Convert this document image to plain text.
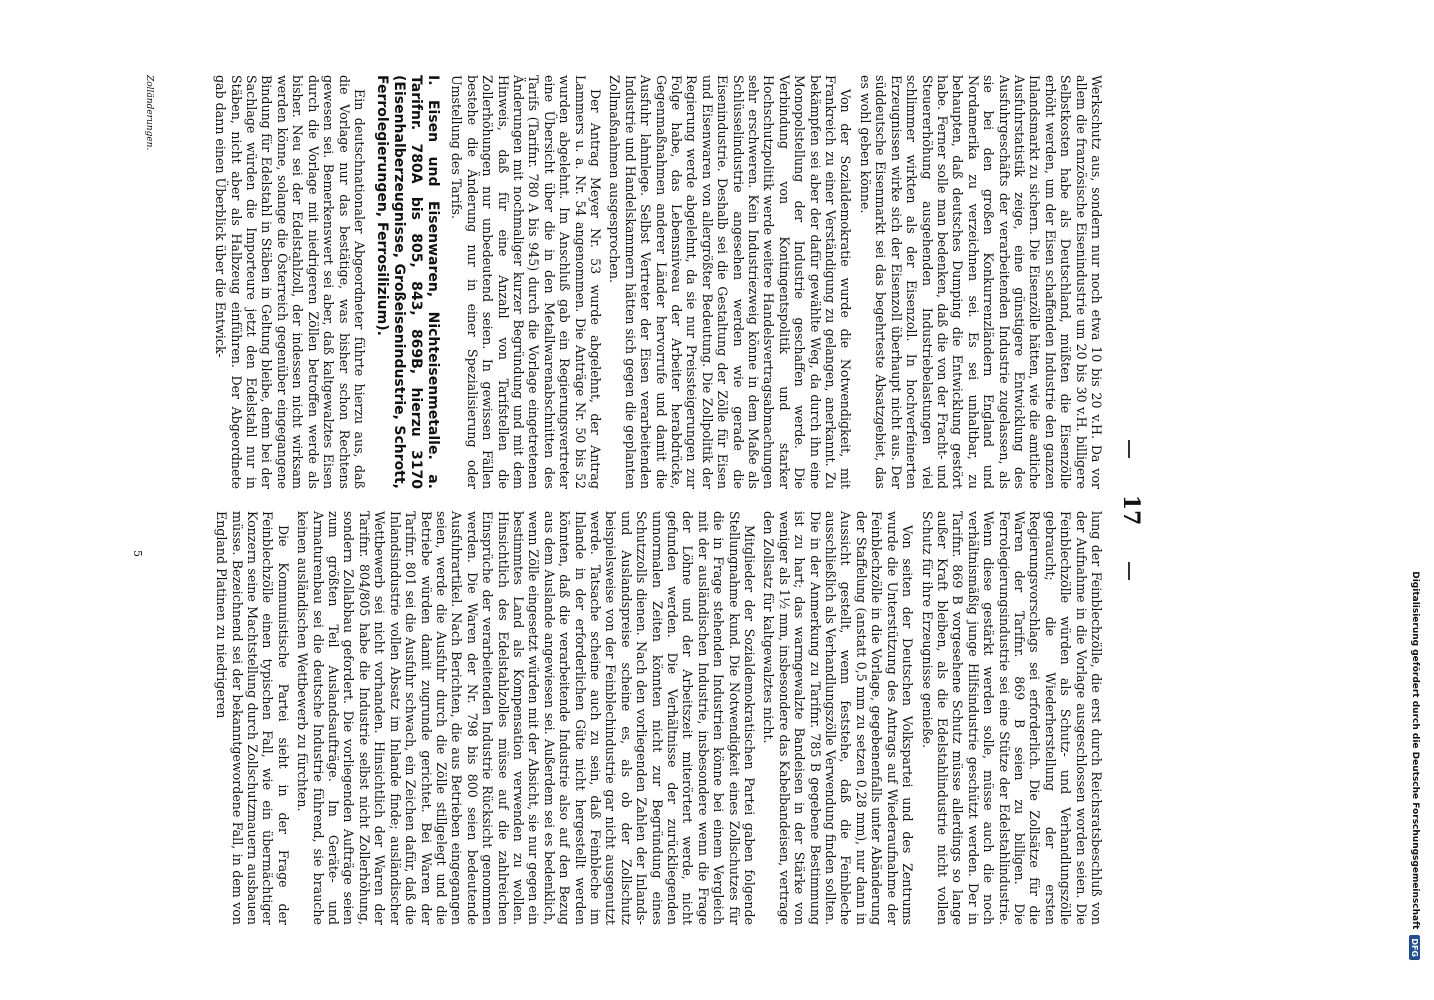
Digitalisierung gefördert durch die Deutsche Forschungsgemeinschaft
DFG
17

Werkschutz aus, sondern nur noch etwa 10 bis 20 v.H. Da vor allem die französische Eisenindustrie um 20 bis 30 v.H. billigere Selbstkosten habe als Deutschland, müßten die Eisenzölle erhöht werden, um der Eisen schaffenden Industrie den ganzen Inlandsmarkt zu sichern. Die Eisenzölle hätten, wie die amtliche Ausfuhrstatistik zeige, eine günstigere Entwicklung des Ausfuhrgeschäfts der verarbeitenden Industrie zugelassen, als sie bei den großen Konkurrenzländern England und Nordamerika zu verzeichnen sei. Es sei unhaltbar, zu behaupten, daß deutsches Dumping die Entwicklung gestört habe. Ferner solle man bedenken, daß die von der Fracht- und Steuererhöhung ausgehenden Industriebelastungen viel schlimmer wirkten als der Eisenzoll. In hochverfeinerten Erzeugnissen wirke sich der Eisenzoll überhaupt nicht aus. Der süddeutsche Eisenmarkt sei das begehrteste Absatzgebiet, das es wohl geben könne.

Von der Sozialdemokratie wurde die Notwendigkeit, mit Frankreich zu einer Verständigung zu gelangen, anerkannt. Zu bekämpfen sei aber der dafür gewählte Weg, da durch ihn eine Monopolstellung der Industrie geschaffen werde. Die Verbindung von Kontingentspolitik und starker Hochschutzpolitik werde weitere Handelsvertragsabmachungen sehr erschweren. Kein Industriezweig könne in dem Maße als Schlüsselindustrie angesehen werden wie gerade die Eisenindustrie. Deshalb sei die Gestaltung der Zölle für Eisen und Eisenwaren von allergrößter Bedeutung. Die Zollpolitik der Regierung werde abgelehnt, da sie nur Preissteigerungen zur Folge habe, das Lebensniveau der Arbeiter herabdrücke, Gegenmaßnahmen anderer Länder hervorrufe und damit die Ausfuhr lahmlege. Selbst Vertreter der Eisen verarbeitenden Industrie und Handelskammern hätten sich gegen die geplanten Zollmaßnahmen ausgesprochen.

Der Antrag Meyer Nr. 53 wurde abgelehnt, der Antrag Lammers u. a. Nr. 54 angenommen. Die Anträge Nr. 50 bis 52 wurden abgelehnt. Im Anschluß gab ein Regierungsvertreter eine Übersicht über die in den Metallwarenabschnitten des Tarifs (Tarifnr. 780 A bis 945) durch die Vorlage eingetretenen Änderungen mit nochmaliger kurzer Begründung und mit dem Hinweis, daß für eine Anzahl von Tarifstellen die Zollerhöhungen nur unbedeutend seien. In gewissen Fällen bestehe die Änderung nur in einer Spezialisierung oder Umstellung des Tarifs.

I. Eisen und Eisenwaren, Nichteisenmetalle. a. Tarifnr. 780A bis 805, 843, 869B, hierzu 3170 (Eisenhalberzeugnisse, Großeisenindustrie, Schrott, Ferrolegierungen, Ferrosilizium).

Ein deutschnationaler Abgeordneter führte hierzu aus, daß die Vorlage nur das bestätige, was bisher schon Rechtens gewesen sei. Bemerkenswert sei aber, daß kaltgewalztes Eisen durch die Vorlage mit niedrigeren Zöllen betroffen werde als bisher. Neu sei der Edelstahlzoll, der indessen nicht wirksam werden könne, solange die Österreich gegenüber eingegangene Bindung für Edelstahl in Stäben in Geltung bleibe, denn bei der Sachlage würden die Importeure jetzt den Edelstahl nur in Stäben, nicht aber als Halbzeug einführen. Der Abgeordnete gab dann einen Überblick über die Entwick-

lung der Feinblechzölle, die erst durch Reichsratsbeschluß von der Aufnahme in die Vorlage ausgeschlossen worden seien. Die Feinblechzölle würden als Schutz- und Verhandlungszölle gebraucht; die Wiederherstellung der ersten Regierungsvorschlags sei erforderlich. Die Zollsätze für die Waren der Tarifnr. 869 B seien zu billigen. Die Ferrolegierungsindustrie sei eine Stütze der Edelstahlindustrie. Wenn diese gestärkt werden solle, müsse auch die noch verhältnismäßig junge Hilfsindustrie geschützt werden. Der in Tarifnr. 869 B vorgesehene Schutz müsse allerdings so lange außer Kraft bleiben, als die Edelstahlindustrie nicht vollen Schutz für ihre Erzeugnisse genieße.

Von seiten der Deutschen Volkspartei und des Zentrums wurde die Unterstützung des Antrags auf Wiederaufnahme der Feinblechzölle in die Vorlage, gegebenenfalls unter Abänderung der Staffelung (anstatt 0,5 mm zu setzen 0,28 mm), nur dann in Aussicht gestellt, wenn feststehe, daß die Feinbleche ausschließlich als Verhandlungszölle Verwendung finden sollten. Die in der Anmerkung zu Tarifnr. 785 B gegebene Bestimmung ist zu hart; das warmgewalzte Bandeisen in der Stärke von weniger als 1½ mm, insbesondere das Kabelbandeisen, vertrage den Zollsatz für kaltgewalztes nicht.

Mitglieder der Sozialdemokratischen Partei gaben folgende Stellungnahme kund. Die Notwendigkeit eines Zollschutzes für die in Frage stehenden Industrien könne bei einem Vergleich mit der ausländischen Industrie, insbesondere wenn die Frage der Löhne und der Arbeitszeit miterörtert werde, nicht gefunden werden. Die Verhältnisse der zurückliegenden unnormalen Zeiten könnten nicht zur Begründung eines Schutzzolls dienen. Nach den vorliegenden Zahlen der Inlands- und Auslandspreise scheine es, als ob der Zollschutz beispielsweise von der Feinblechindustrie gar nicht ausgenutzt werde. Tatsache scheine auch zu sein, daß Feinbleche im Inlande in der erforderlichen Güte nicht hergestellt werden könnten, daß die verarbeitende Industrie also auf den Bezug aus dem Auslande angewiesen sei. Außerdem sei es bedenklich, wenn Zölle eingesetzt würden mit der Absicht, sie nur gegen ein bestimmtes Land als Kompensation verwenden zu wollen. Hinsichtlich des Edelstahlzolles müsse auf die zahlreichen Einsprüche der verarbeitenden Industrie Rücksicht genommen werden. Die Waren der Nr. 798 bis 800 seien bedeutende Ausfuhrartikel. Nach Berichten, die aus Betrieben eingegangen seien, werde die Ausfuhr durch die Zölle stillgelegt und die Betriebe würden damit zugrunde gerichtet. Bei Waren der Tarifnr. 801 sei die Ausfuhr schwach, ein Zeichen dafür, daß die Inlandsindustrie vollen Absatz im Inlande finde; ausländischer Wettbewerb sei nicht vorhanden. Hinsichtlich der Waren der Tarifnr. 804/805 habe die Industrie selbst nicht Zollerhöhung, sondern Zollabbau gefordert. Die vorliegenden Aufträge seien zum größten Teil Auslandsaufträge. Im Geräte- und Armaturenbau sei die deutsche Industrie führend, sie brauche keinen ausländischen Wettbewerb zu fürchten.

Die Kommunistische Partei sieht in der Frage der Feinblechzölle einen typischen Fall, wie ein übermächtiger Konzern seine Machtstellung durch Zollschutzmauern ausbauen müsse. Bezeichnend sei der bekanntgewordene Fall, in dem von England Platinen zu niedrigeren

Zolländerungen.
5
